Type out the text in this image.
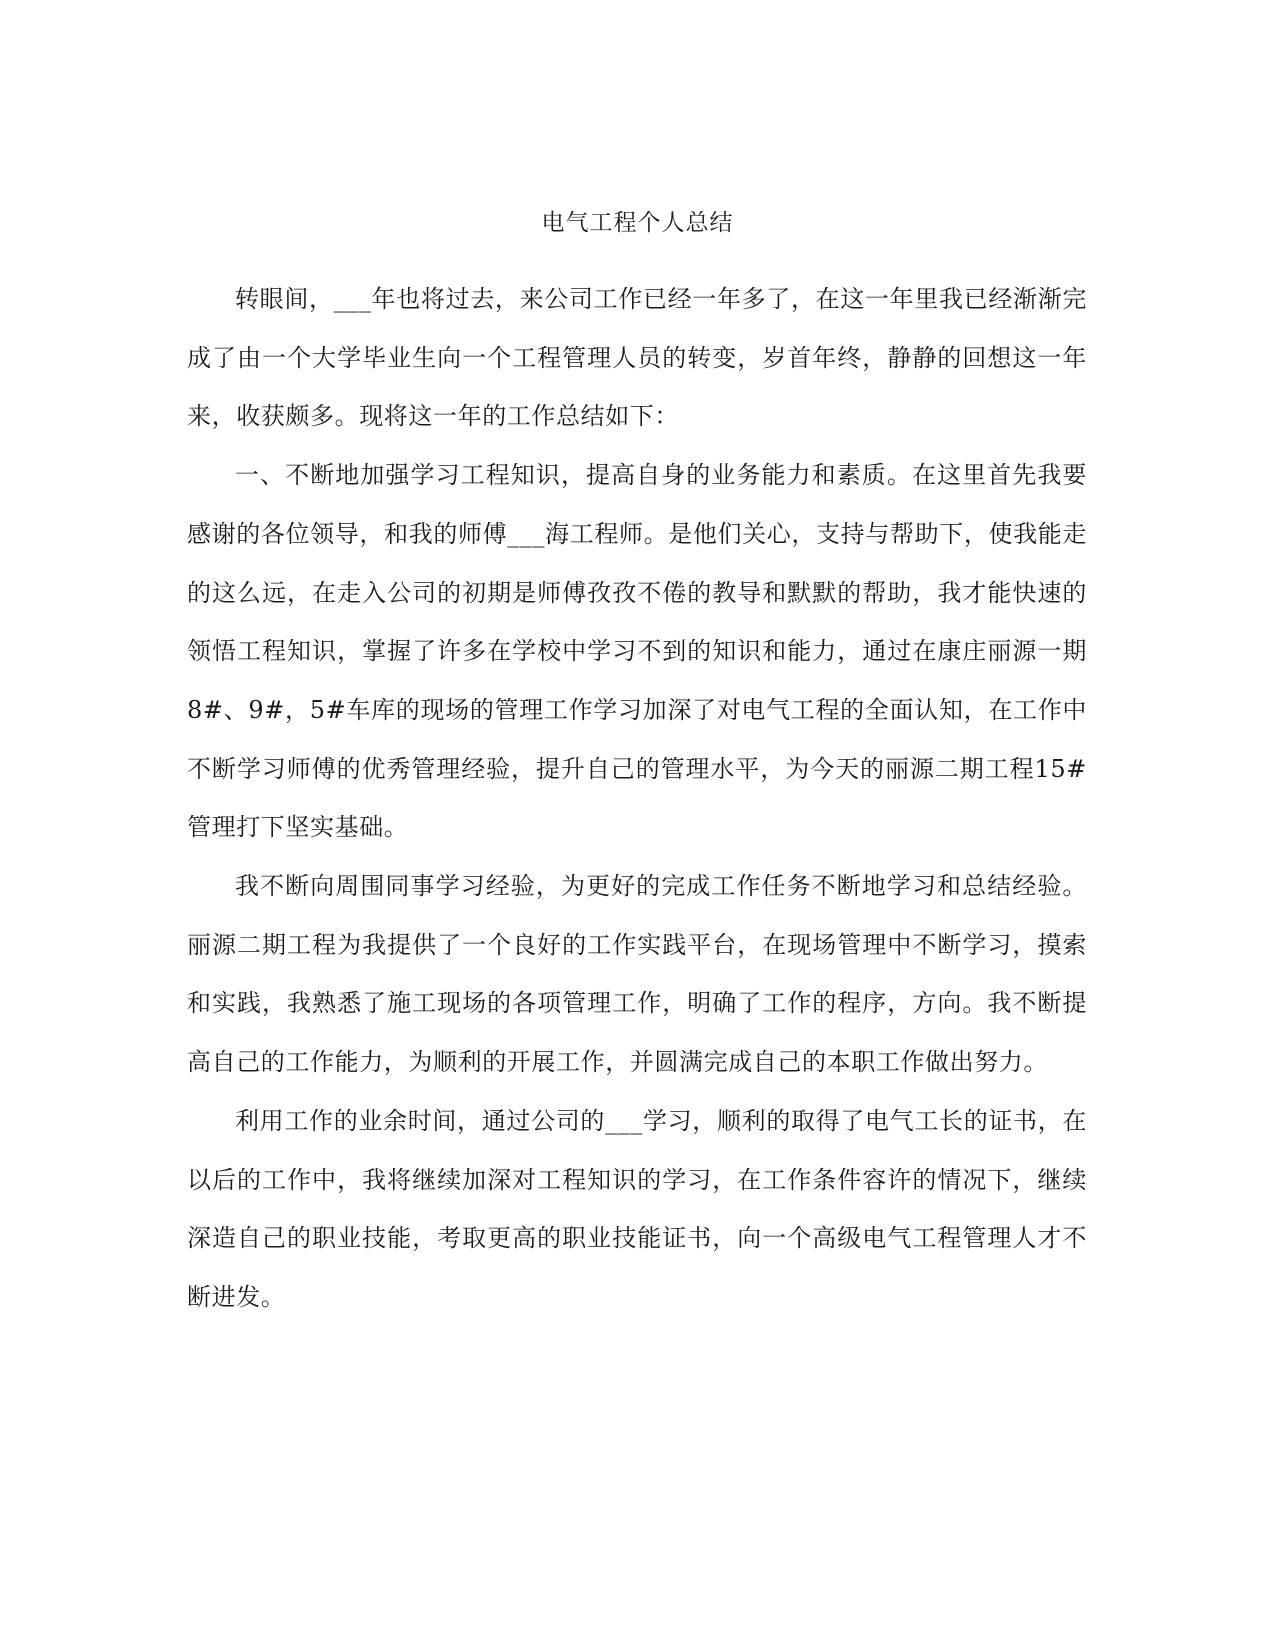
电气工程个人总结

转眼间，___年也将过去，来公司工作已经一年多了，在这一年里我已经渐渐完成了由一个大学毕业生向一个工程管理人员的转变，岁首年终，静静的回想这一年来，收获颇多。现将这一年的工作总结如下：

一、不断地加强学习工程知识，提高自身的业务能力和素质。在这里首先我要感谢的各位领导，和我的师傅___海工程师。是他们关心，支持与帮助下，使我能走的这么远，在走入公司的初期是师傅孜孜不倦的教导和默默的帮助，我才能快速的领悟工程知识，掌握了许多在学校中学习不到的知识和能力，通过在康庄丽源一期8#、9#，5#车库的现场的管理工作学习加深了对电气工程的全面认知，在工作中不断学习师傅的优秀管理经验，提升自己的管理水平，为今天的丽源二期工程15#管理打下坚实基础。

我不断向周围同事学习经验，为更好的完成工作任务不断地学习和总结经验。丽源二期工程为我提供了一个良好的工作实践平台，在现场管理中不断学习，摸索和实践，我熟悉了施工现场的各项管理工作，明确了工作的程序，方向。我不断提高自己的工作能力，为顺利的开展工作，并圆满完成自己的本职工作做出努力。

利用工作的业余时间，通过公司的___学习，顺利的取得了电气工长的证书，在以后的工作中，我将继续加深对工程知识的学习，在工作条件容许的情况下，继续深造自己的职业技能，考取更高的职业技能证书，向一个高级电气工程管理人才不断进发。
